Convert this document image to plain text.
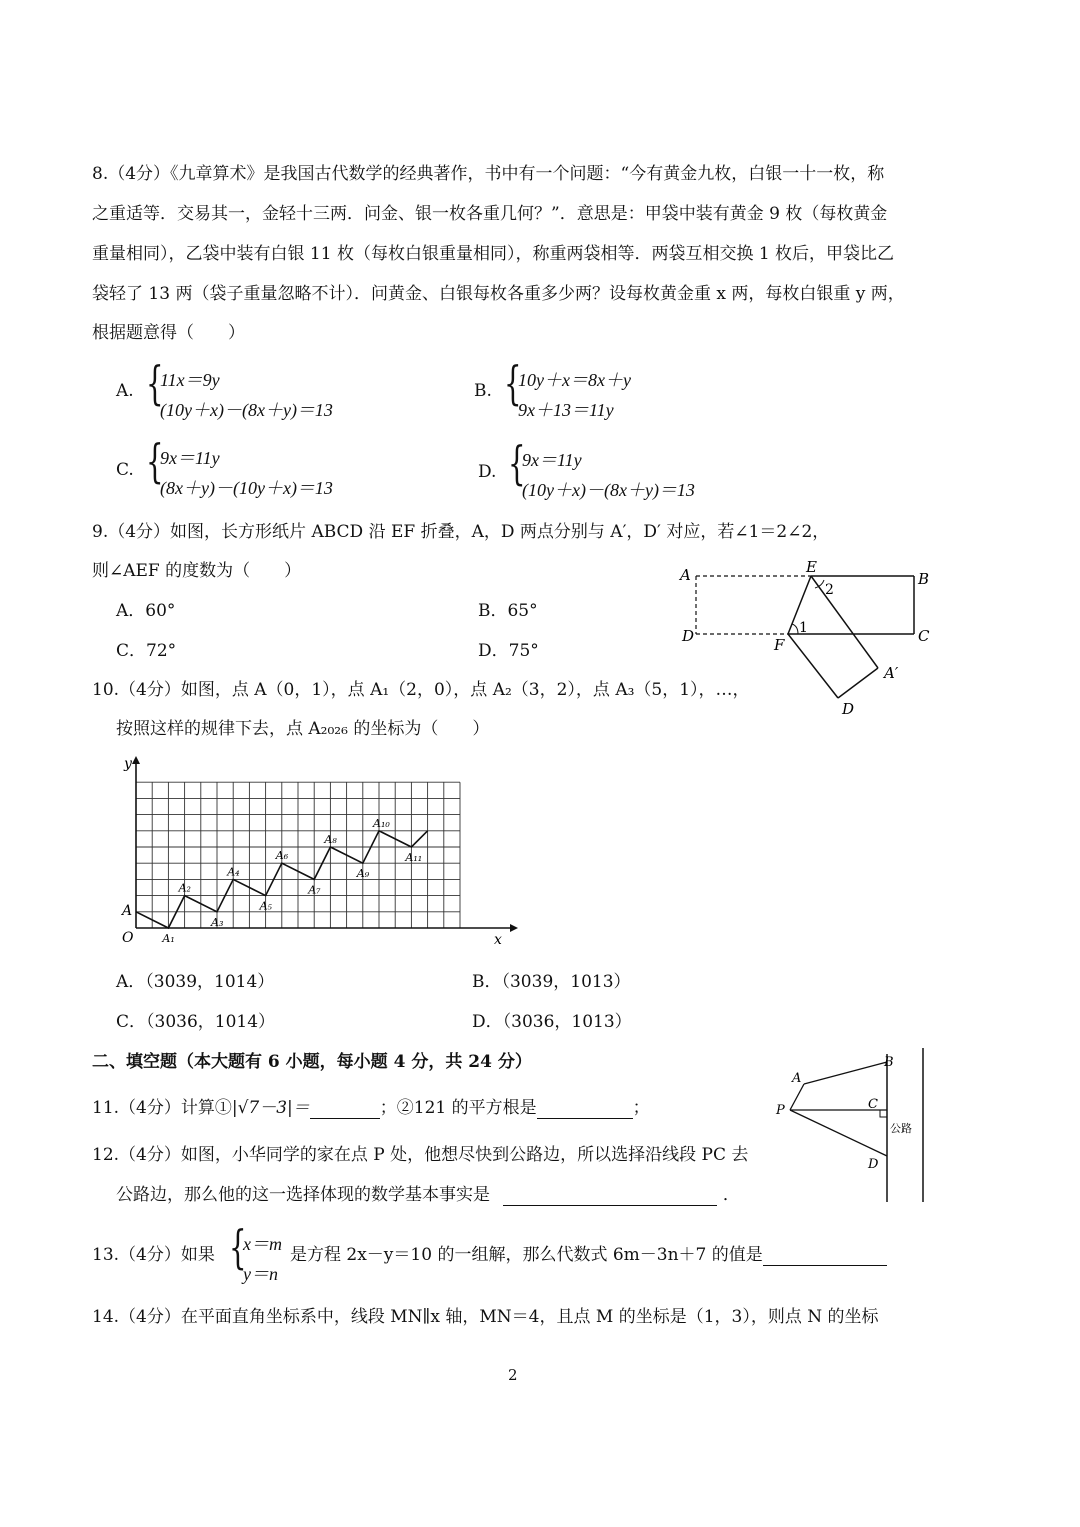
8.（4分）《九章算术》是我国古代数学的经典著作，书中有一个问题：“今有黄金九枚，白银一十一枚，称
之重适等．交易其一，金轻十三两．问金、银一枚各重几何？”．意思是：甲袋中装有黄金 9 枚（每枚黄金
重量相同），乙袋中装有白银 11 枚（每枚白银重量相同），称重两袋相等．两袋互相交换 1 枚后，甲袋比乙
袋轻了 13 两（袋子重量忽略不计）．问黄金、白银每枚各重多少两？设每枚黄金重 x 两，每枚白银重 y 两，
根据题意得（　　）
A. {
11x＝9y
(10y＋x)－(8x＋y)＝13
B. {
10y＋x＝8x＋y
9x＋13＝11y
C. {
9x＝11y
(8x＋y)－(10y＋x)＝13
D. {
9x＝11y
(10y＋x)－(8x＋y)＝13
9.（4分）如图，长方形纸片 ABCD 沿 EF 折叠，A，D 两点分别与 A′，D′ 对应，若∠1＝2∠2，
则∠AEF 的度数为（　　）
A．60°	B．65°
C．72°	D．75°
A	B
C
D
E
F
A′
D
2
1
10.（4分）如图，点 A（0，1），点 A₁（2，0），点 A₂（3，2），点 A₃（5，1），…，
按照这样的规律下去，点 A₂₀₂₆ 的坐标为（　　）
A₁
A₂
A₃
A₄
A₅
A₆
A₇
A₈
A₉
A₁₀
A₁₁
y
x
O
A
A．（3039，1014）	B．（3039，1013）
C．（3036，1014）	D．（3036，1013）
二、填空题（本大题有 6 小题，每小题 4 分，共 24 分）
11.（4分）计算①|√7－3|＝	；②121 的平方根是	；
A
B
C
D
P
公路
12.（4分）如图，小华同学的家在点 P 处，他想尽快到公路边，所以选择沿线段 PC 去
公路边，那么他的这一选择体现的数学基本事实是	．
13.（4分）如果 {
x＝m
y＝n
是方程 2x－y＝10 的一组解，那么代数式 6m－3n＋7 的值是
14.（4分）在平面直角坐标系中，线段 MN∥x 轴，MN＝4，且点 M 的坐标是（1，3），则点 N 的坐标
2
